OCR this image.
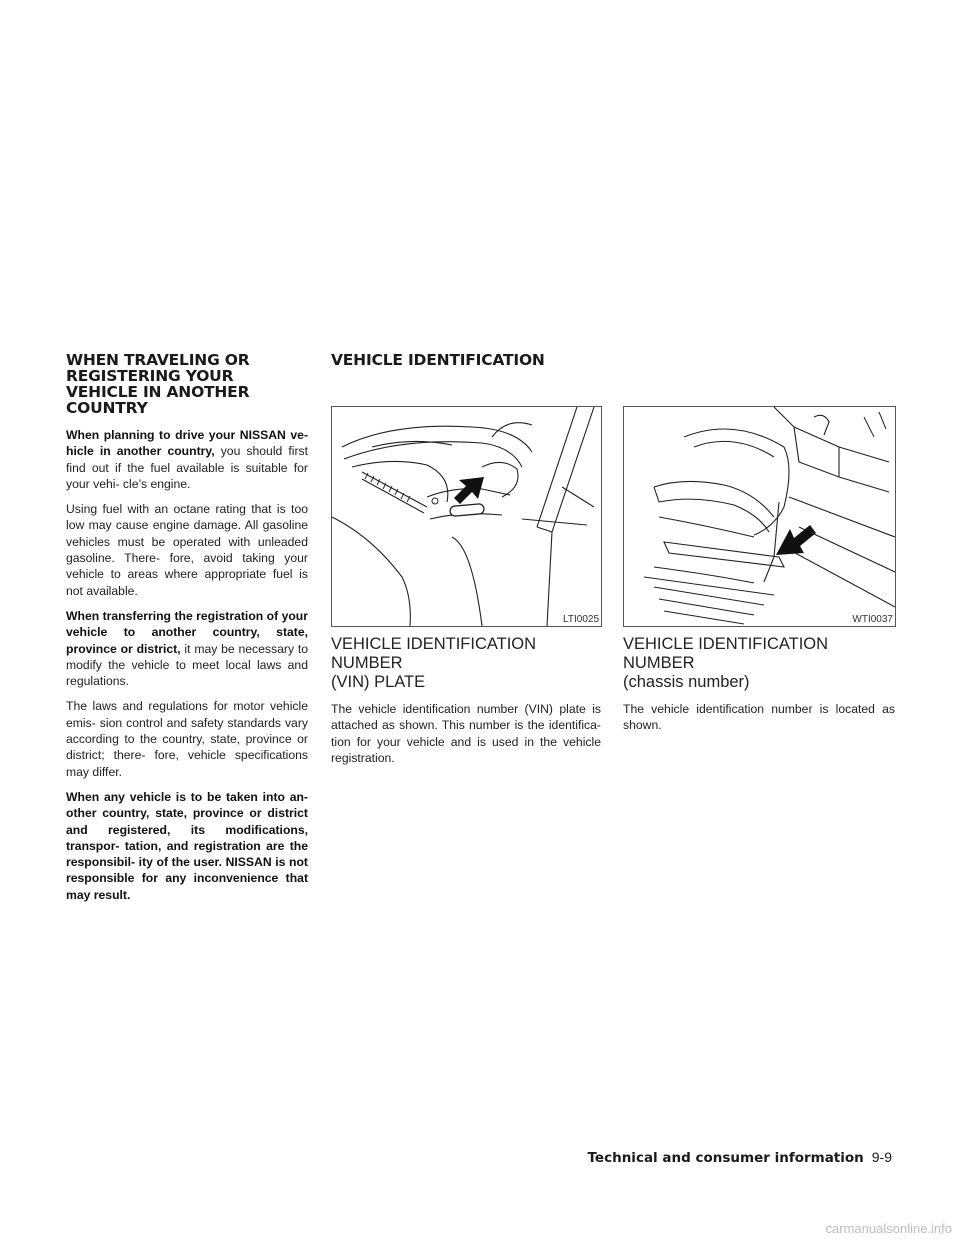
WHEN TRAVELING OR REGISTERING YOUR VEHICLE IN ANOTHER COUNTRY

When planning to drive your NISSAN ve- hicle in another country, you should first find out if the fuel available is suitable for your vehi- cle’s engine.

Using fuel with an octane rating that is too low may cause engine damage. All gasoline vehicles must be operated with unleaded gasoline. There- fore, avoid taking your vehicle to areas where appropriate fuel is not available.

When transferring the registration of your vehicle to another country, state, province or district, it may be necessary to modify the vehicle to meet local laws and regulations.

The laws and regulations for motor vehicle emis- sion control and safety standards vary according to the country, state, province or district; there- fore, vehicle specifications may differ.

When any vehicle is to be taken into an- other country, state, province or district and registered, its modifications, transpor- tation, and registration are the responsibil- ity of the user. NISSAN is not responsible for any inconvenience that may result.

VEHICLE IDENTIFICATION
LTI0025	WTI0037
VEHICLE IDENTIFICATION NUMBER
(VIN) PLATE

The vehicle identification number (VIN) plate is attached as shown. This number is the identifica- tion for your vehicle and is used in the vehicle registration.

VEHICLE IDENTIFICATION NUMBER
(chassis number)

The vehicle identification number is located as shown.

Technical and consumer information 9-9
carmanualsonline.info
